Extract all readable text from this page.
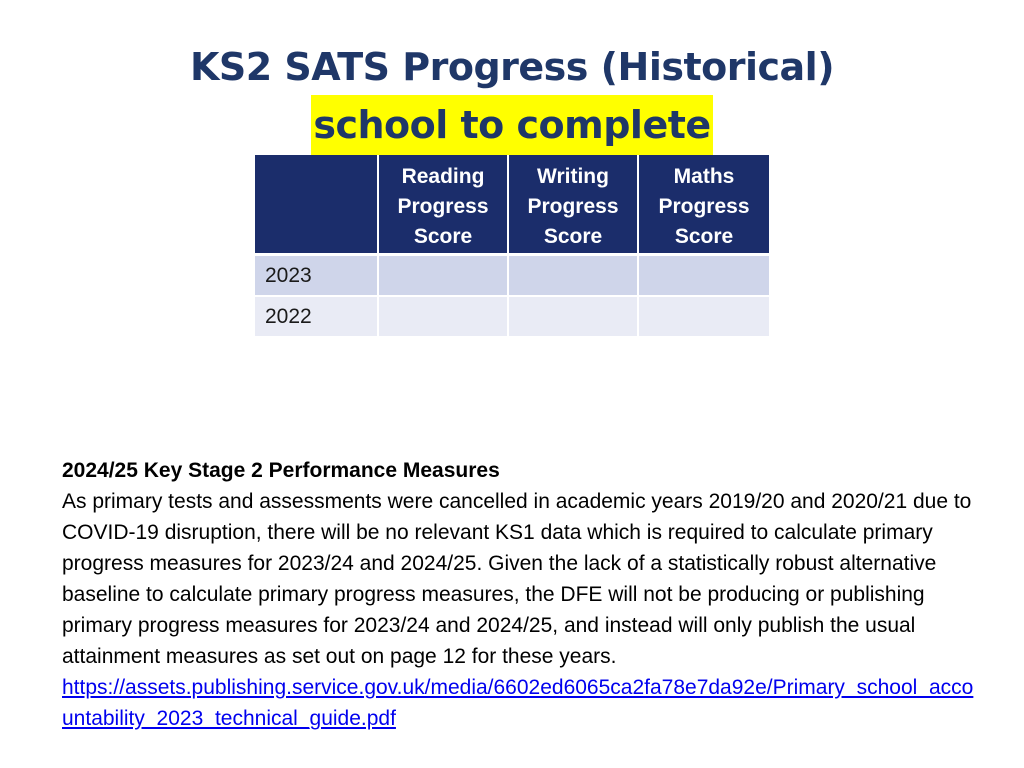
KS2 SATS Progress (Historical)
school to complete
	Reading Progress Score	Writing Progress Score	Maths Progress Score
2023			
2022			
2024/25 Key Stage 2 Performance Measures
As primary tests and assessments were cancelled in academic years 2019/20 and 2020/21 due to COVID-19 disruption, there will be no relevant KS1 data which is required to calculate primary progress measures for 2023/24 and 2024/25. Given the lack of a statistically robust alternative baseline to calculate primary progress measures, the DFE will not be producing or publishing primary progress measures for 2023/24 and 2024/25, and instead will only publish the usual attainment measures as set out on page 12 for these years.
https://assets.publishing.service.gov.uk/media/6602ed6065ca2fa78e7da92e/Primary_school_accountability_2023_technical_guide.pdf
